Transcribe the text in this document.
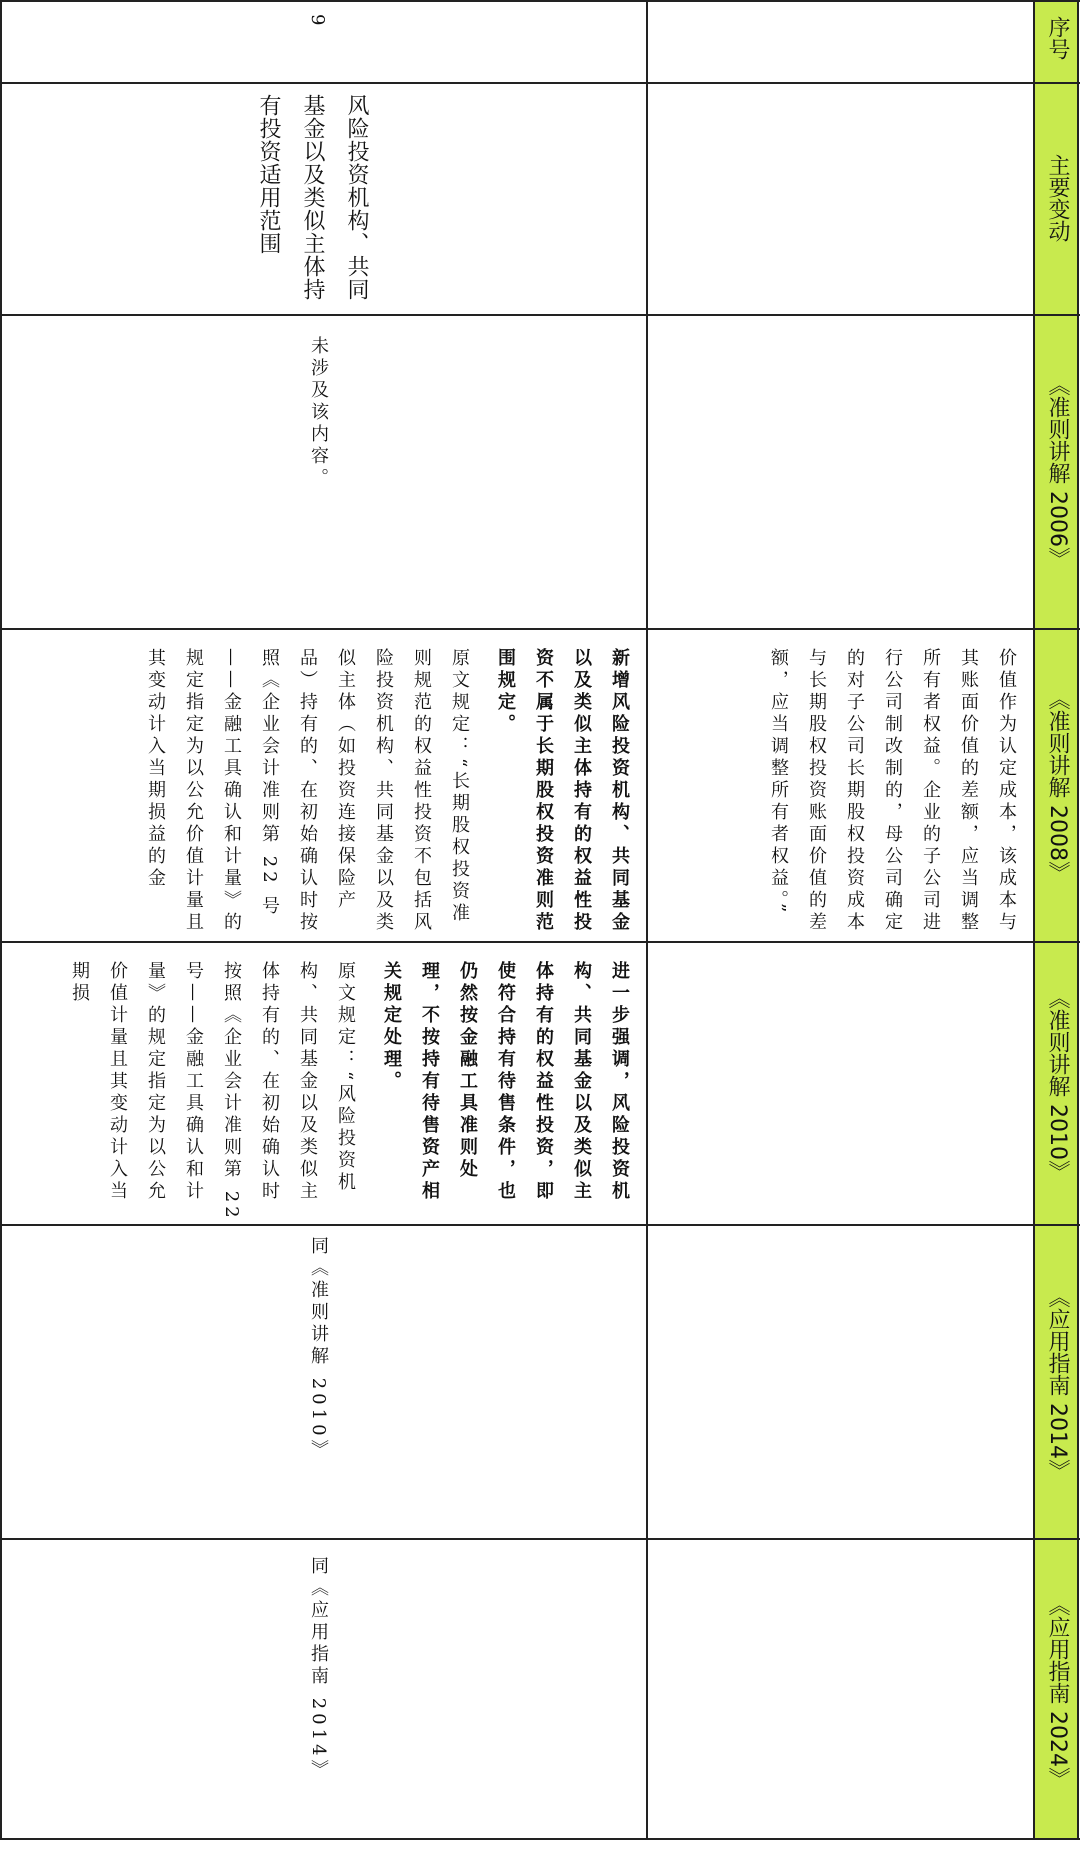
序号
主要变动
《准则讲解 2006》
《准则讲解 2008》
《准则讲解 2010》
《应用指南 2014》
《应用指南 2024》
价值作为认定成本，该成本与其账面价值的差额，应当调整所有者权益。企业的子公司进行公司制改制的，母公司确定的对子公司长期股权投资成本与长期股权投资账面价值的差额，应当调整所有者权益。”
9
风险投资机构、共同基金以及类似主体持有投资适用范围
未涉及该内容。
新增风险投资机构、共同基金以及类似主体持有的权益性投资不属于长期股权投资准则范围规定。
原文规定：“长期股权投资准则规范的权益性投资不包括风险投资机构、共同基金以及类似主体（如投资连接保险产品）持有的、在初始确认时按照《企业会计准则第 22 号——金融工具确认和计量》的规定指定为以公允价值计量且其变动计入当期损益的金
进一步强调，风险投资机构、共同基金以及类似主体持有的权益性投资，即使符合持有待售条件，也仍然按金融工具准则处理，不按持有待售资产相关规定处理。
原文规定：“风险投资机构、共同基金以及类似主体持有的、在初始确认时按照《企业会计准则第 22 号——金融工具确认和计量》的规定指定为以公允价值计量且其变动计入当期损
同《准则讲解 2010》
同《应用指南 2014》
